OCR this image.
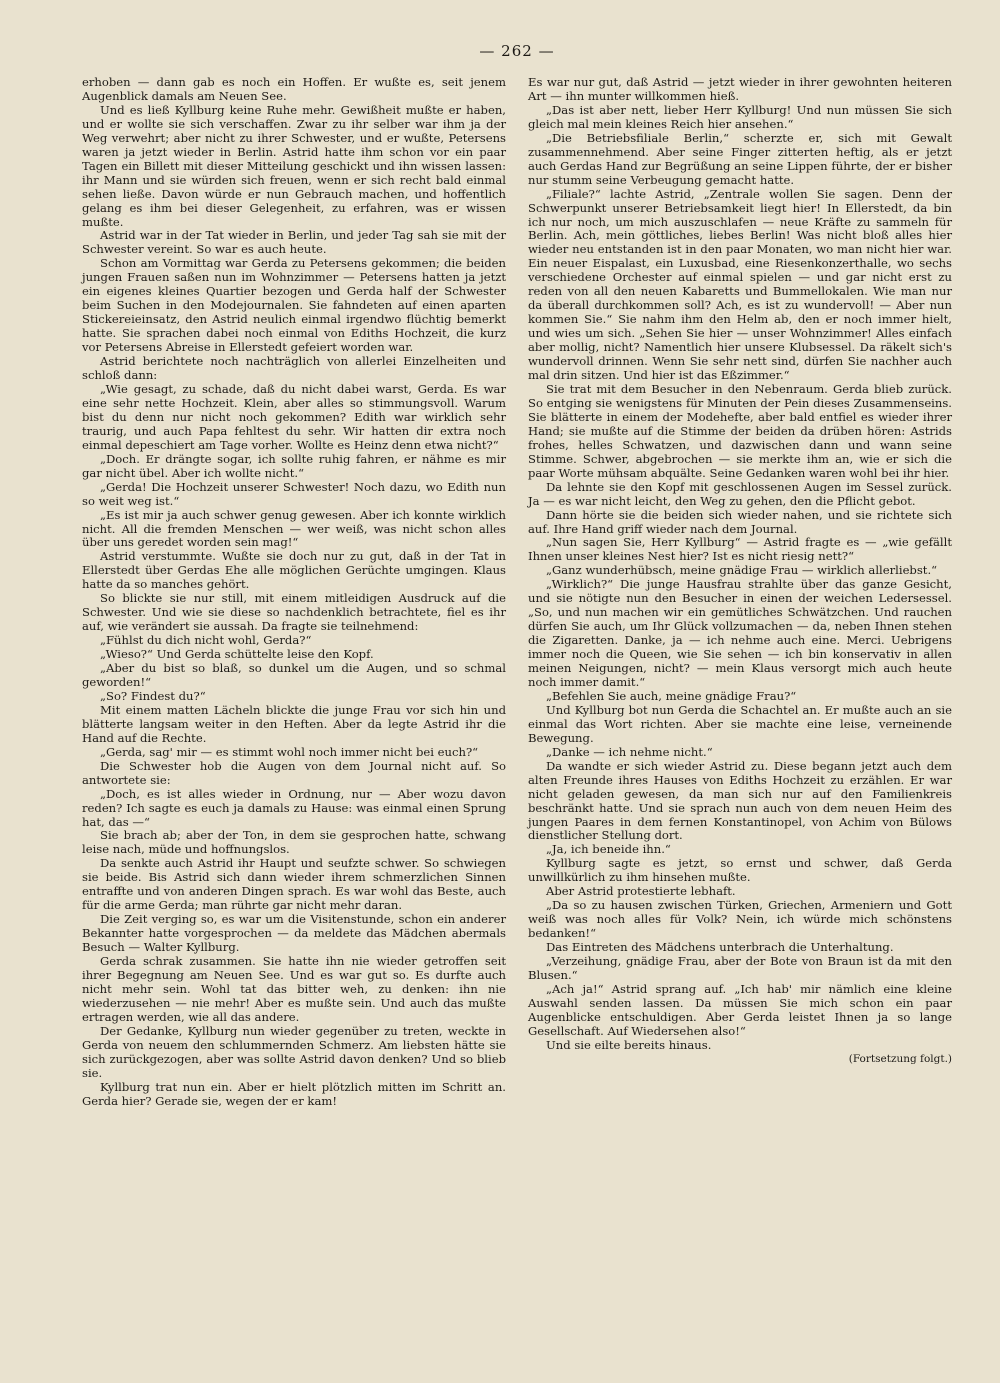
— 262 —

erhoben — dann gab es noch ein Hoffen. Er wußte es, seit jenem Augenblick damals am Neuen See.

Und es ließ Kyllburg keine Ruhe mehr. Gewißheit mußte er haben, und er wollte sie sich verschaffen. Zwar zu ihr selber war ihm ja der Weg verwehrt; aber nicht zu ihrer Schwester, und er wußte, Petersens waren ja jetzt wieder in Berlin. Astrid hatte ihm schon vor ein paar Tagen ein Billett mit dieser Mitteilung geschickt und ihn wissen lassen: ihr Mann und sie würden sich freuen, wenn er sich recht bald einmal sehen ließe. Davon würde er nun Gebrauch machen, und hoffentlich gelang es ihm bei dieser Gelegenheit, zu erfahren, was er wissen mußte.

Astrid war in der Tat wieder in Berlin, und jeder Tag sah sie mit der Schwester vereint. So war es auch heute.

Schon am Vormittag war Gerda zu Petersens gekommen; die beiden jungen Frauen saßen nun im Wohnzimmer — Petersens hatten ja jetzt ein eigenes kleines Quartier bezogen und Gerda half der Schwester beim Suchen in den Modejournalen. Sie fahndeten auf einen aparten Stickereieinsatz, den Astrid neulich einmal irgendwo flüchtig bemerkt hatte. Sie sprachen dabei noch einmal von Ediths Hochzeit, die kurz vor Petersens Abreise in Ellerstedt gefeiert worden war.

Astrid berichtete noch nachträglich von allerlei Einzelheiten und schloß dann:

„Wie gesagt, zu schade, daß du nicht dabei warst, Gerda. Es war eine sehr nette Hochzeit. Klein, aber alles so stimmungsvoll. Warum bist du denn nur nicht noch gekommen? Edith war wirklich sehr traurig, und auch Papa fehltest du sehr. Wir hatten dir extra noch einmal depeschiert am Tage vorher. Wollte es Heinz denn etwa nicht?“

„Doch. Er drängte sogar, ich sollte ruhig fahren, er nähme es mir gar nicht übel. Aber ich wollte nicht.“

„Gerda! Die Hochzeit unserer Schwester! Noch dazu, wo Edith nun so weit weg ist.“

„Es ist mir ja auch schwer genug gewesen. Aber ich konnte wirklich nicht. All die fremden Menschen — wer weiß, was nicht schon alles über uns geredet worden sein mag!“

Astrid verstummte. Wußte sie doch nur zu gut, daß in der Tat in Ellerstedt über Gerdas Ehe alle möglichen Gerüchte umgingen. Klaus hatte da so manches gehört.

So blickte sie nur still, mit einem mitleidigen Ausdruck auf die Schwester. Und wie sie diese so nachdenklich betrachtete, fiel es ihr auf, wie verändert sie aussah. Da fragte sie teilnehmend:

„Fühlst du dich nicht wohl, Gerda?“

„Wieso?“ Und Gerda schüttelte leise den Kopf.

„Aber du bist so blaß, so dunkel um die Augen, und so schmal geworden!“

„So? Findest du?“

Mit einem matten Lächeln blickte die junge Frau vor sich hin und blätterte langsam weiter in den Heften. Aber da legte Astrid ihr die Hand auf die Rechte.

„Gerda, sag' mir — es stimmt wohl noch immer nicht bei euch?“

Die Schwester hob die Augen von dem Journal nicht auf. So antwortete sie:

„Doch, es ist alles wieder in Ordnung, nur — Aber wozu davon reden? Ich sagte es euch ja damals zu Hause: was einmal einen Sprung hat, das —“

Sie brach ab; aber der Ton, in dem sie gesprochen hatte, schwang leise nach, müde und hoffnungslos.

Da senkte auch Astrid ihr Haupt und seufzte schwer. So schwiegen sie beide. Bis Astrid sich dann wieder ihrem schmerzlichen Sinnen entraffte und von anderen Dingen sprach. Es war wohl das Beste, auch für die arme Gerda; man rührte gar nicht mehr daran.

Die Zeit verging so, es war um die Visitenstunde, schon ein anderer Bekannter hatte vorgesprochen — da meldete das Mädchen abermals Besuch — Walter Kyllburg.

Gerda schrak zusammen. Sie hatte ihn nie wieder getroffen seit ihrer Begegnung am Neuen See. Und es war gut so. Es durfte auch nicht mehr sein. Wohl tat das bitter weh, zu denken: ihn nie wiederzusehen — nie mehr! Aber es mußte sein. Und auch das mußte ertragen werden, wie all das andere.

Der Gedanke, Kyllburg nun wieder gegenüber zu treten, weckte in Gerda von neuem den schlummernden Schmerz. Am liebsten hätte sie sich zurückgezogen, aber was sollte Astrid davon denken? Und so blieb sie.

Kyllburg trat nun ein. Aber er hielt plötzlich mitten im Schritt an. Gerda hier? Gerade sie, wegen der er kam!

Es war nur gut, daß Astrid — jetzt wieder in ihrer gewohnten heiteren Art — ihn munter willkommen hieß.

„Das ist aber nett, lieber Herr Kyllburg! Und nun müssen Sie sich gleich mal mein kleines Reich hier ansehen.“

„Die Betriebsfiliale Berlin,“ scherzte er, sich mit Gewalt zusammennehmend. Aber seine Finger zitterten heftig, als er jetzt auch Gerdas Hand zur Begrüßung an seine Lippen führte, der er bisher nur stumm seine Verbeugung gemacht hatte.

„Filiale?“ lachte Astrid, „Zentrale wollen Sie sagen. Denn der Schwerpunkt unserer Betriebsamkeit liegt hier! In Ellerstedt, da bin ich nur noch, um mich auszuschlafen — neue Kräfte zu sammeln für Berlin. Ach, mein göttliches, liebes Berlin! Was nicht bloß alles hier wieder neu entstanden ist in den paar Monaten, wo man nicht hier war. Ein neuer Eispalast, ein Luxusbad, eine Riesenkonzerthalle, wo sechs verschiedene Orchester auf einmal spielen — und gar nicht erst zu reden von all den neuen Kabaretts und Bummellokalen. Wie man nur da überall durchkommen soll? Ach, es ist zu wundervoll! — Aber nun kommen Sie.“ Sie nahm ihm den Helm ab, den er noch immer hielt, und wies um sich. „Sehen Sie hier — unser Wohnzimmer! Alles einfach aber mollig, nicht? Namentlich hier unsere Klubsessel. Da räkelt sich's wundervoll drinnen. Wenn Sie sehr nett sind, dürfen Sie nachher auch mal drin sitzen. Und hier ist das Eßzimmer.“

Sie trat mit dem Besucher in den Nebenraum. Gerda blieb zurück. So entging sie wenigstens für Minuten der Pein dieses Zusammenseins. Sie blätterte in einem der Modehefte, aber bald entfiel es wieder ihrer Hand; sie mußte auf die Stimme der beiden da drüben hören: Astrids frohes, helles Schwatzen, und dazwischen dann und wann seine Stimme. Schwer, abgebrochen — sie merkte ihm an, wie er sich die paar Worte mühsam abquälte. Seine Gedanken waren wohl bei ihr hier.

Da lehnte sie den Kopf mit geschlossenen Augen im Sessel zurück. Ja — es war nicht leicht, den Weg zu gehen, den die Pflicht gebot.

Dann hörte sie die beiden sich wieder nahen, und sie richtete sich auf. Ihre Hand griff wieder nach dem Journal.

„Nun sagen Sie, Herr Kyllburg“ — Astrid fragte es — „wie gefällt Ihnen unser kleines Nest hier? Ist es nicht riesig nett?“

„Ganz wunderhübsch, meine gnädige Frau — wirklich allerliebst.“

„Wirklich?“ Die junge Hausfrau strahlte über das ganze Gesicht, und sie nötigte nun den Besucher in einen der weichen Ledersessel. „So, und nun machen wir ein gemütliches Schwätzchen. Und rauchen dürfen Sie auch, um Ihr Glück vollzumachen — da, neben Ihnen stehen die Zigaretten. Danke, ja — ich nehme auch eine. Merci. Uebrigens immer noch die Queen, wie Sie sehen — ich bin konservativ in allen meinen Neigungen, nicht? — mein Klaus versorgt mich auch heute noch immer damit.“

„Befehlen Sie auch, meine gnädige Frau?“

Und Kyllburg bot nun Gerda die Schachtel an. Er mußte auch an sie einmal das Wort richten. Aber sie machte eine leise, verneinende Bewegung.

„Danke — ich nehme nicht.“

Da wandte er sich wieder Astrid zu. Diese begann jetzt auch dem alten Freunde ihres Hauses von Ediths Hochzeit zu erzählen. Er war nicht geladen gewesen, da man sich nur auf den Familienkreis beschränkt hatte. Und sie sprach nun auch von dem neuen Heim des jungen Paares in dem fernen Konstantinopel, von Achim von Bülows dienstlicher Stellung dort.

„Ja, ich beneide ihn.“

Kyllburg sagte es jetzt, so ernst und schwer, daß Gerda unwillkürlich zu ihm hinsehen mußte.

Aber Astrid protestierte lebhaft.

„Da so zu hausen zwischen Türken, Griechen, Armeniern und Gott weiß was noch alles für Volk? Nein, ich würde mich schönstens bedanken!“

Das Eintreten des Mädchens unterbrach die Unterhaltung.

„Verzeihung, gnädige Frau, aber der Bote von Braun ist da mit den Blusen.“

„Ach ja!“ Astrid sprang auf. „Ich hab' mir nämlich eine kleine Auswahl senden lassen. Da müssen Sie mich schon ein paar Augenblicke entschuldigen. Aber Gerda leistet Ihnen ja so lange Gesellschaft. Auf Wiedersehen also!“

Und sie eilte bereits hinaus.

(Fortsetzung folgt.)
